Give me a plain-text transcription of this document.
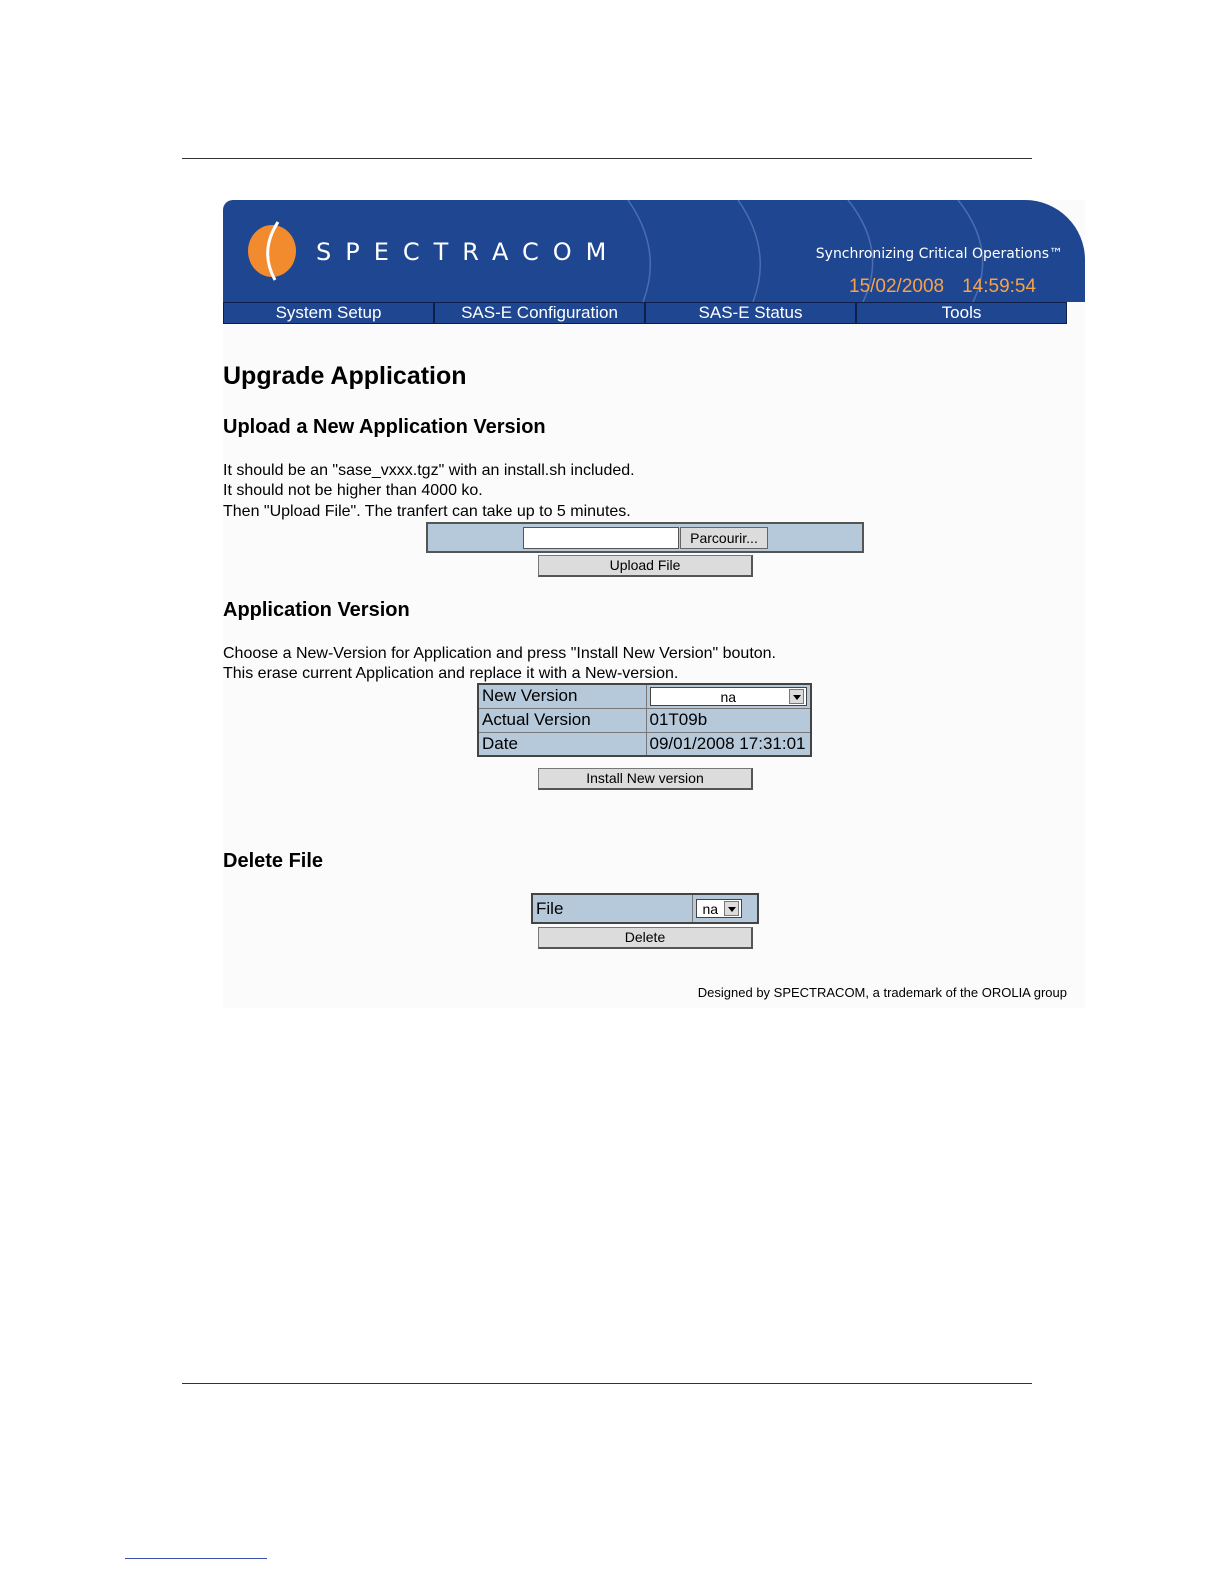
SPECTRACOM	Synchronizing Critical Operations™
15/02/2008 14:59:54
System Setup	SAS-E Configuration	SAS-E Status	Tools
Upgrade Application
Upload a New Application Version
It should be an "sase_vxxx.tgz" with an install.sh included.
It should not be higher than 4000 ko.
Then "Upload File". The tranfert can take up to 5 minutes.
Parcourir...
Upload File
Application Version
Choose a New-Version for Application and press "Install New Version" bouton.
This erase current Application and replace it with a New-version.
New Version	na

Actual Version	01T09b
Date	09/01/2008 17:31:01
Install New version
Delete File
File	na
Delete
Designed by SPECTRACOM, a trademark of the OROLIA group
